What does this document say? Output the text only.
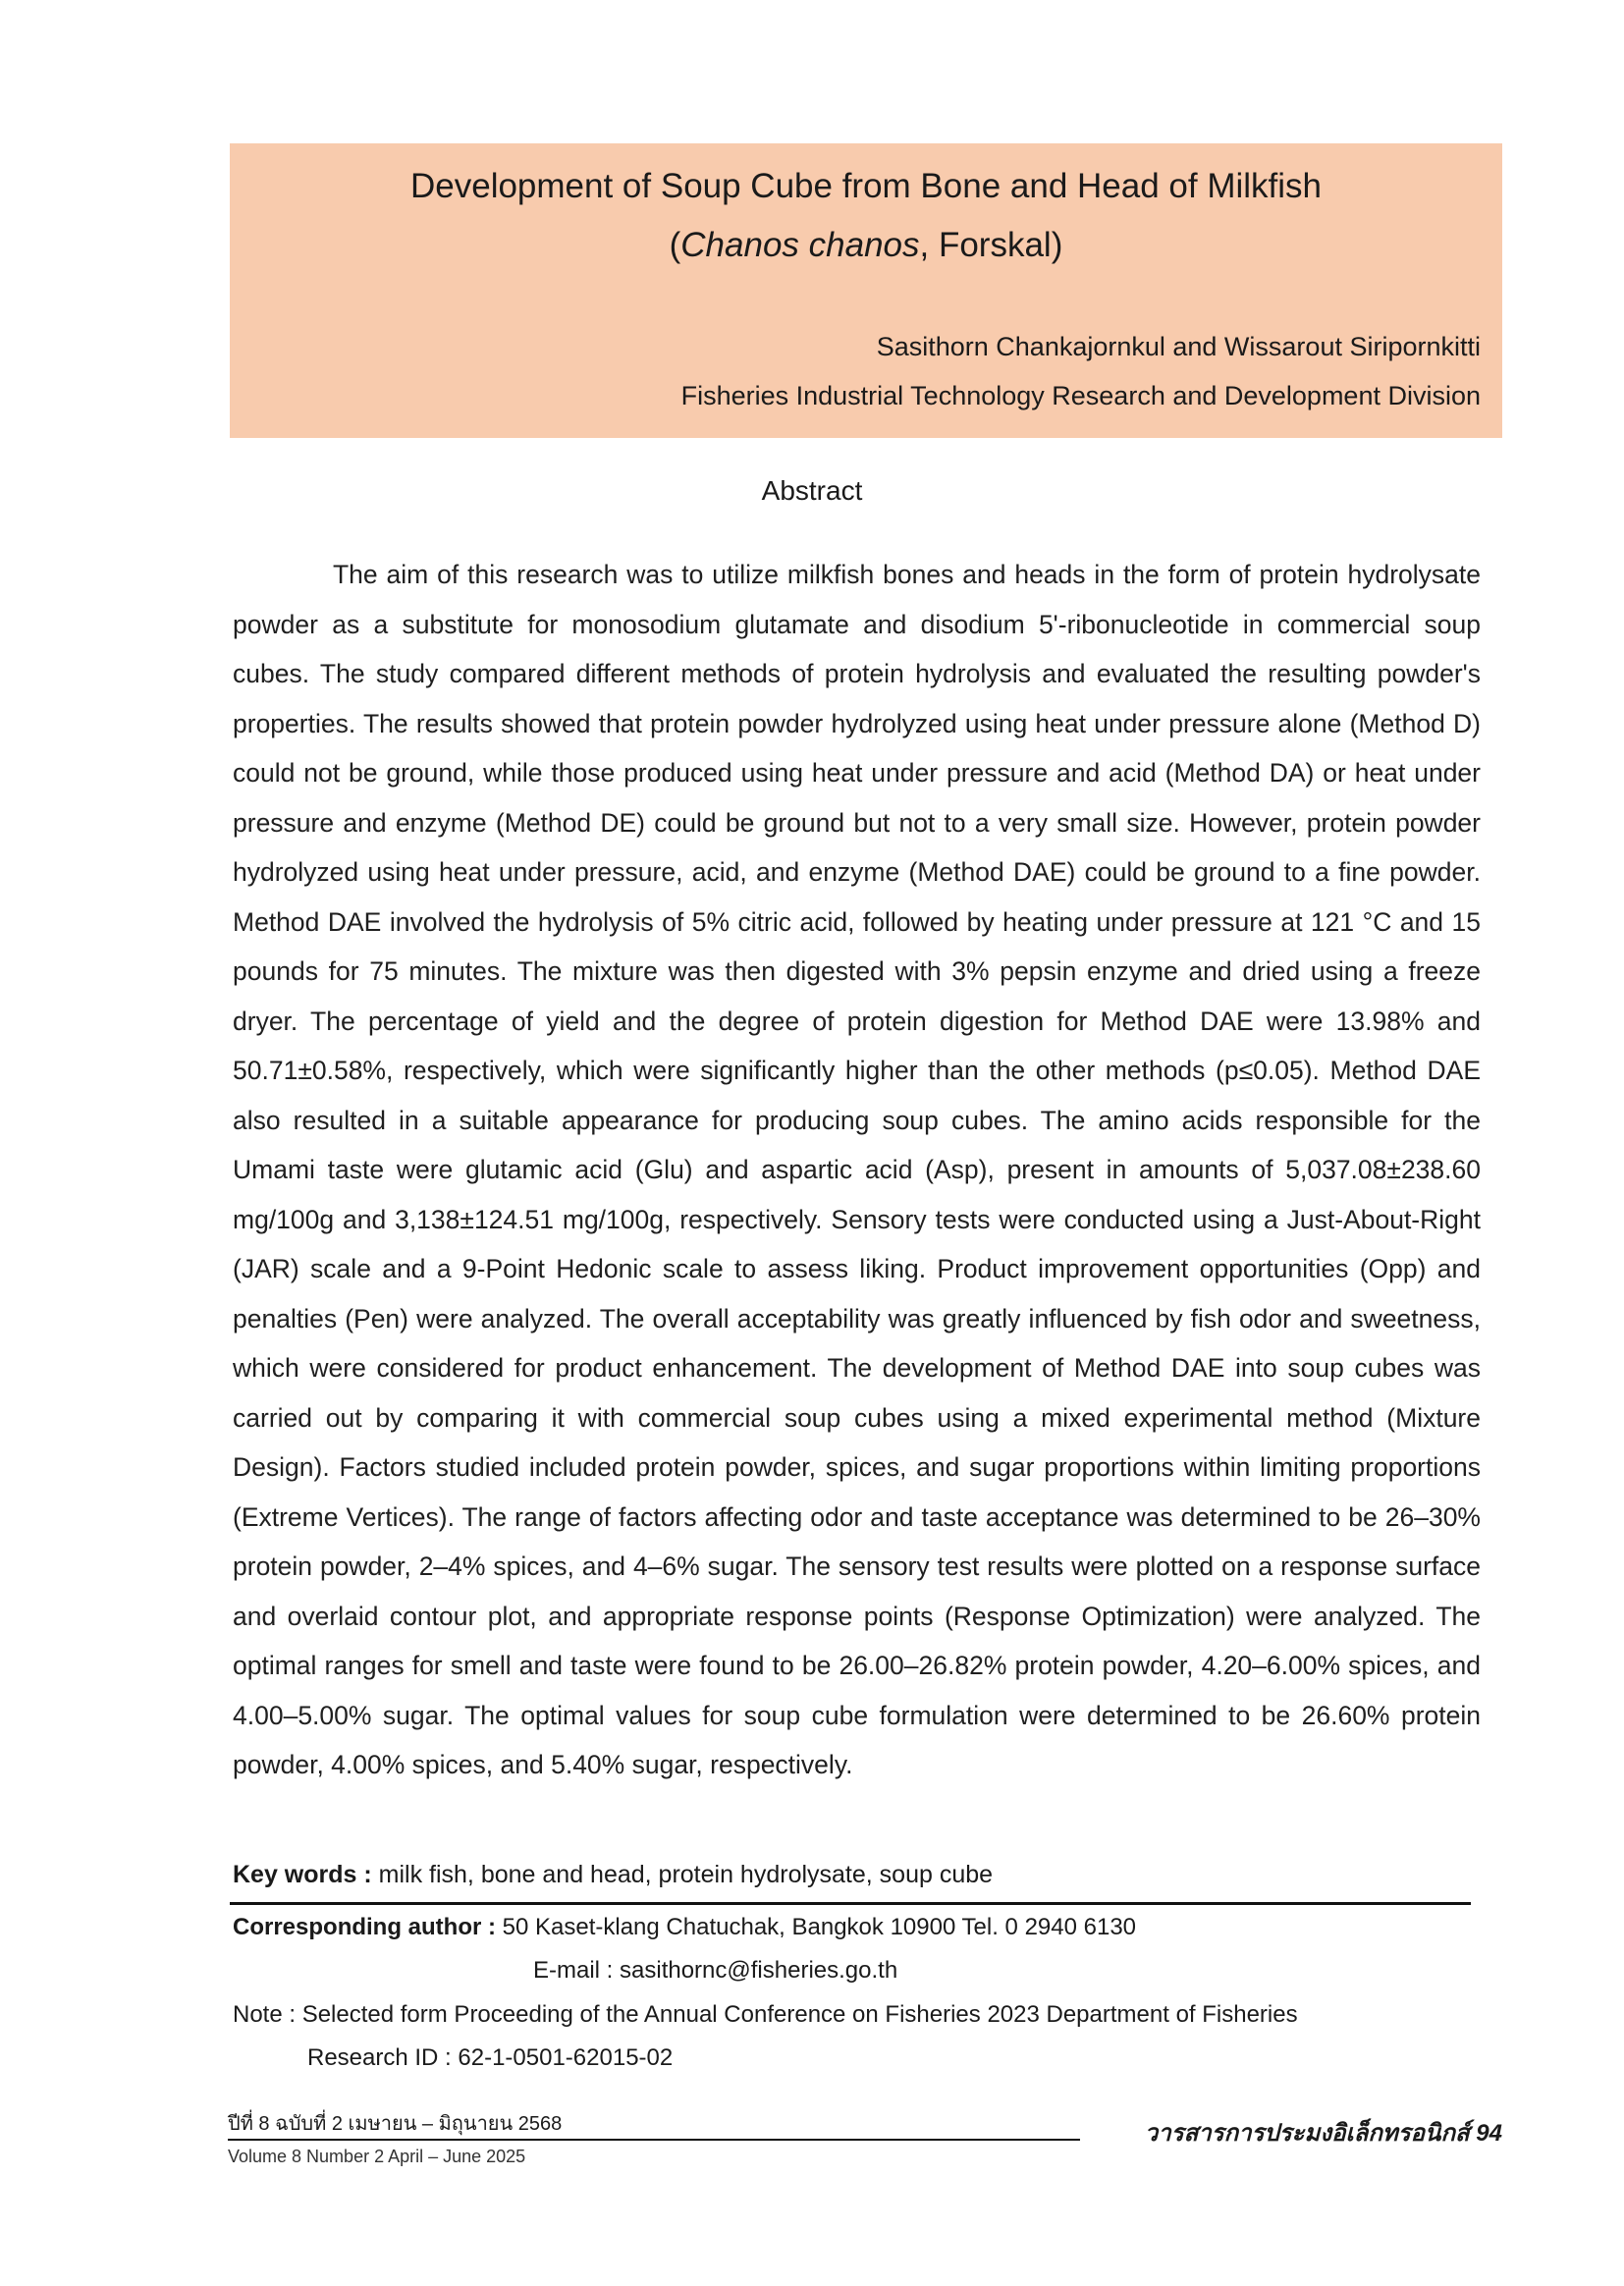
Development of Soup Cube from Bone and Head of Milkfish
(Chanos chanos, Forskal)
Sasithorn Chankajornkul and Wissarout Siripornkitti
Fisheries Industrial Technology Research and Development Division
Abstract

The aim of this research was to utilize milkfish bones and heads in the form of protein hydrolysate powder as a substitute for monosodium glutamate and disodium 5'-ribonucleotide in commercial soup cubes. The study compared different methods of protein hydrolysis and evaluated the resulting powder's properties. The results showed that protein powder hydrolyzed using heat under pressure alone (Method D) could not be ground, while those produced using heat under pressure and acid (Method DA) or heat under pressure and enzyme (Method DE) could be ground but not to a very small size. However, protein powder hydrolyzed using heat under pressure, acid, and enzyme (Method DAE) could be ground to a fine powder. Method DAE involved the hydrolysis of 5% citric acid, followed by heating under pressure at 121 °C and 15 pounds for 75 minutes. The mixture was then digested with 3% pepsin enzyme and dried using a freeze dryer. The percentage of yield and the degree of protein digestion for Method DAE were 13.98% and 50.71±0.58%, respectively, which were significantly higher than the other methods (p≤0.05). Method DAE also resulted in a suitable appearance for producing soup cubes. The amino acids responsible for the Umami taste were glutamic acid (Glu) and aspartic acid (Asp), present in amounts of 5,037.08±238.60 mg/100g and 3,138±124.51 mg/100g, respectively. Sensory tests were conducted using a Just-About-Right (JAR) scale and a 9-Point Hedonic scale to assess liking. Product improvement opportunities (Opp) and penalties (Pen) were analyzed. The overall acceptability was greatly influenced by fish odor and sweetness, which were considered for product enhancement. The development of Method DAE into soup cubes was carried out by comparing it with commercial soup cubes using a mixed experimental method (Mixture Design). Factors studied included protein powder, spices, and sugar proportions within limiting proportions (Extreme Vertices). The range of factors affecting odor and taste acceptance was determined to be 26–30% protein powder, 2–4% spices, and 4–6% sugar. The sensory test results were plotted on a response surface and overlaid contour plot, and appropriate response points (Response Optimization) were analyzed. The optimal ranges for smell and taste were found to be 26.00–26.82% protein powder, 4.20–6.00% spices, and 4.00–5.00% sugar. The optimal values for soup cube formulation were determined to be 26.60% protein powder, 4.00% spices, and 5.40% sugar, respectively.

Key words : milk fish, bone and head, protein hydrolysate, soup cube
Corresponding author : 50 Kaset-klang Chatuchak, Bangkok 10900 Tel. 0 2940 6130
E-mail : sasithornc@fisheries.go.th
Note : Selected form Proceeding of the Annual Conference on Fisheries 2023 Department of Fisheries
Research ID : 62-1-0501-62015-02
ปีที่ 8 ฉบับที่ 2 เมษายน – มิถุนายน 2568	วารสารการประมงอิเล็กทรอนิกส์ 94
Volume 8 Number 2 April – June 2025
